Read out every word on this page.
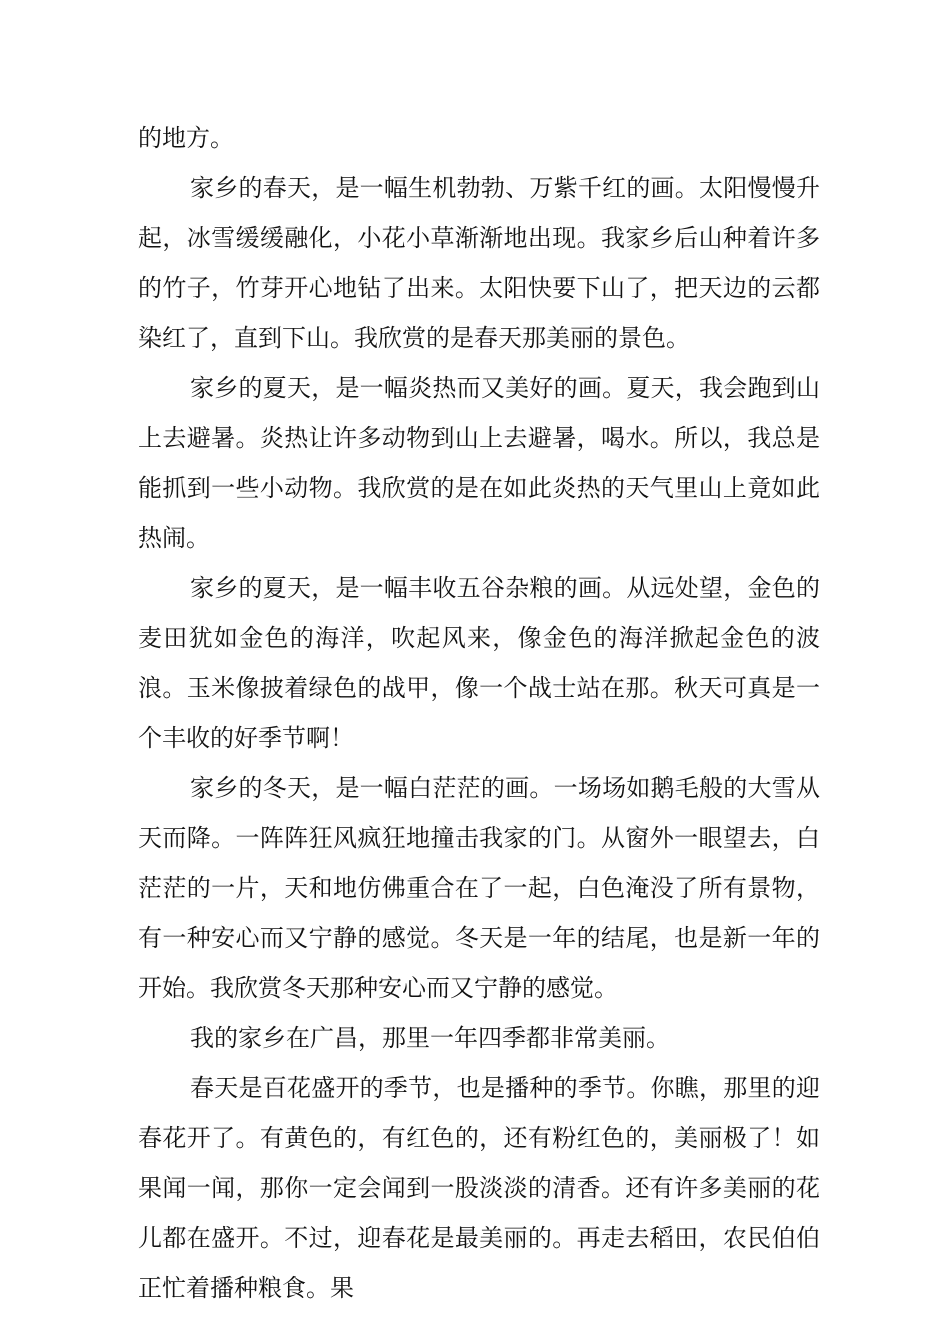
的地方。

家乡的春天，是一幅生机勃勃、万紫千红的画。太阳慢慢升起，冰雪缓缓融化，小花小草渐渐地出现。我家乡后山种着许多的竹子，竹芽开心地钻了出来。太阳快要下山了，把天边的云都染红了，直到下山。我欣赏的是春天那美丽的景色。

家乡的夏天，是一幅炎热而又美好的画。夏天，我会跑到山上去避暑。炎热让许多动物到山上去避暑，喝水。所以，我总是能抓到一些小动物。我欣赏的是在如此炎热的天气里山上竟如此热闹。

家乡的夏天，是一幅丰收五谷杂粮的画。从远处望，金色的麦田犹如金色的海洋，吹起风来，像金色的海洋掀起金色的波浪。玉米像披着绿色的战甲，像一个战士站在那。秋天可真是一个丰收的好季节啊！

家乡的冬天，是一幅白茫茫的画。一场场如鹅毛般的大雪从天而降。一阵阵狂风疯狂地撞击我家的门。从窗外一眼望去，白茫茫的一片，天和地仿佛重合在了一起，白色淹没了所有景物，有一种安心而又宁静的感觉。冬天是一年的结尾，也是新一年的开始。我欣赏冬天那种安心而又宁静的感觉。

我的家乡在广昌，那里一年四季都非常美丽。

春天是百花盛开的季节，也是播种的季节。你瞧，那里的迎春花开了。有黄色的，有红色的，还有粉红色的，美丽极了！如果闻一闻，那你一定会闻到一股淡淡的清香。还有许多美丽的花儿都在盛开。不过，迎春花是最美丽的。再走去稻田，农民伯伯正忙着播种粮食。果
